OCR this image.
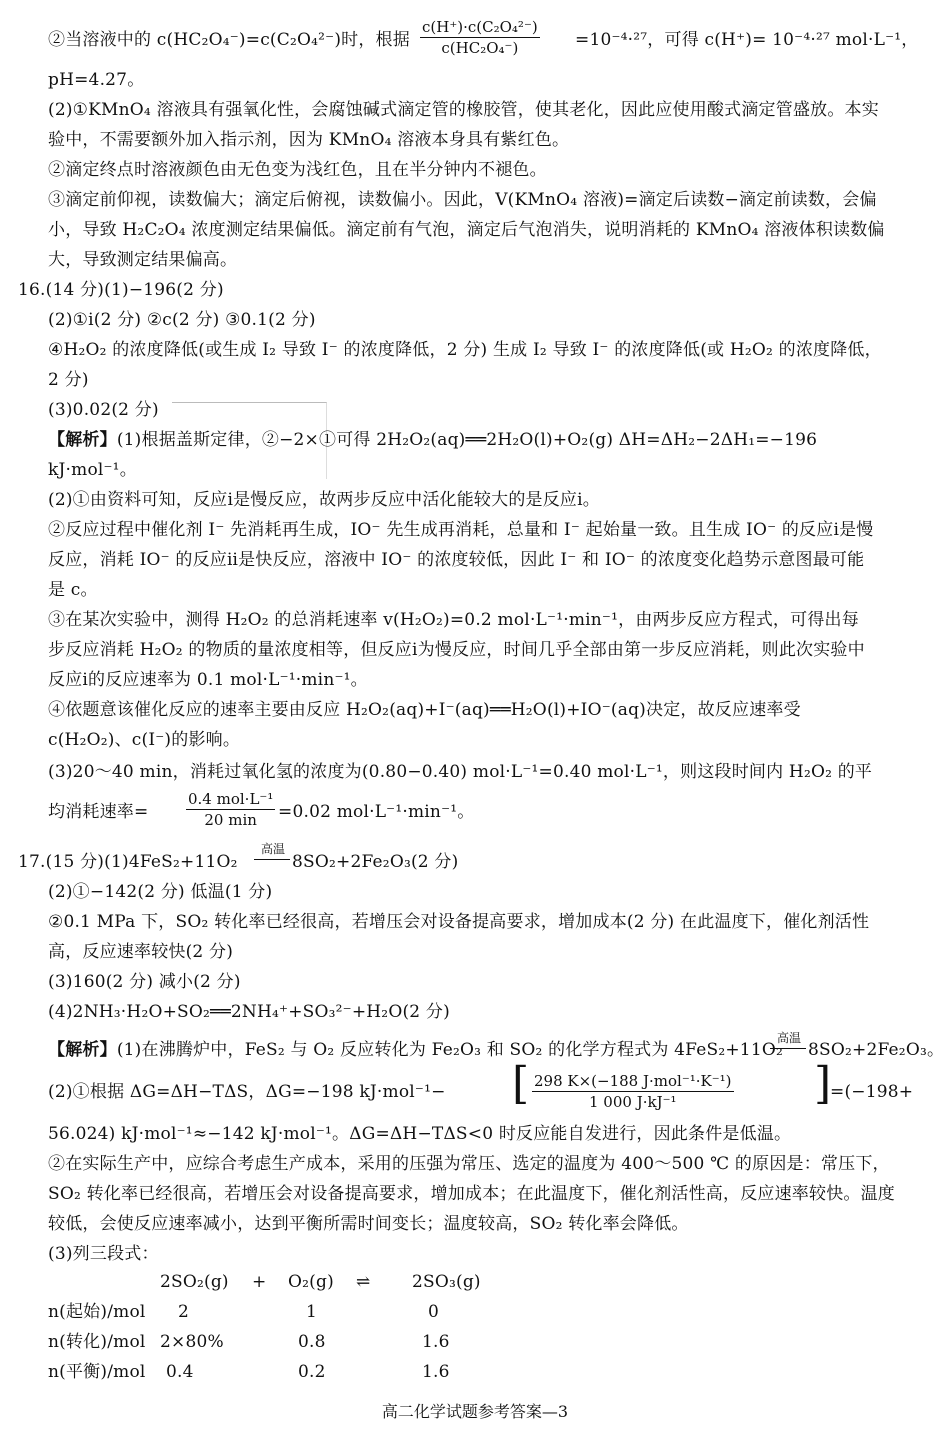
②当溶液中的 c(HC₂O₄⁻)=c(C₂O₄²⁻)时，根据 $\frac{\text{c(H⁺)·c(C₂O₄²⁻)}}{\text{c(HC₂O₄⁻)}} =10^{-4}\cdot^{27}$，可得 c(H⁺)= 10⁻⁴·²⁷ mol·L⁻¹，
pH=4.27。
(2)①KMnO₄ 溶液具有强氧化性，会腐蚀碱式滴定管的橡胶管，使其老化，因此应使用酸式滴定管盛放。本实
验中，不需要额外加入指示剂，因为 KMnO₄ 溶液本身具有紫红色。
②滴定终点时溶液颜色由无色变为浅红色，且在半分钟内不褪色。
③滴定前仰视，读数偏大；滴定后俯视，读数偏小。因此，V(KMnO₄ 溶液)=滴定后读数−滴定前读数，会偏
小，导致 H₂C₂O₄ 浓度测定结果偏低。滴定前有气泡，滴定后气泡消失，说明消耗的 KMnO₄ 溶液体积读数偏
大，导致测定结果偏高。
16.(14 分)(1)−196(2 分)
(2)①ⅰ(2 分) ②c(2 分) ③0.1(2 分)
④H₂O₂ 的浓度降低(或生成 I₂ 导致 I⁻ 的浓度降低，2 分) 生成 I₂ 导致 I⁻ 的浓度降低(或 H₂O₂ 的浓度降低，
2 分)
(3)0.02(2 分)
【解析】(1)根据盖斯定律，②−2×①可得 2H₂O₂(aq)══2H₂O(l)+O₂(g) ΔH=ΔH₂−2ΔH₁=−196
kJ·mol⁻¹。
(2)①由资料可知，反应ⅰ是慢反应，故两步反应中活化能较大的是反应ⅰ。
②反应过程中催化剂 I⁻ 先消耗再生成，IO⁻ 先生成再消耗，总量和 I⁻ 起始量一致。且生成 IO⁻ 的反应ⅰ是慢
反应，消耗 IO⁻ 的反应ⅱ是快反应，溶液中 IO⁻ 的浓度较低，因此 I⁻ 和 IO⁻ 的浓度变化趋势示意图最可能
是 c。
③在某次实验中，测得 H₂O₂ 的总消耗速率 v(H₂O₂)=0.2 mol·L⁻¹·min⁻¹，由两步反应方程式，可得出每
步反应消耗 H₂O₂ 的物质的量浓度相等，但反应ⅰ为慢反应，时间几乎全部由第一步反应消耗，则此次实验中
反应ⅰ的反应速率为 0.1 mol·L⁻¹·min⁻¹。
④依题意该催化反应的速率主要由反应 H₂O₂(aq)+I⁻(aq)══H₂O(l)+IO⁻(aq)决定，故反应速率受
c(H₂O₂)、c(I⁻)的影响。
(3)20～40 min，消耗过氧化氢的浓度为(0.80−0.40) mol·L⁻¹=0.40 mol·L⁻¹，则这段时间内 H₂O₂ 的平
均消耗速率=
0.4 mol·L⁻¹
20 min	=0.02 mol·L⁻¹·min⁻¹。
高温
17.(15 分)(1)4FeS₂+11O₂	8SO₂+2Fe₂O₃(2 分)
(2)①−142(2 分) 低温(1 分)
②0.1 MPa 下，SO₂ 转化率已经很高，若增压会对设备提高要求，增加成本(2 分) 在此温度下，催化剂活性
高，反应速率较快(2 分)
(3)160(2 分) 减小(2 分)
(4)2NH₃·H₂O+SO₂══2NH₄⁺+SO₃²⁻+H₂O(2 分)
高温
【解析】(1)在沸腾炉中，FeS₂ 与 O₂ 反应转化为 Fe₂O₃ 和 SO₂ 的化学方程式为 4FeS₂+11O₂ 8SO₂+2Fe₂O₃。
(2)①根据 ΔG=ΔH−TΔS，ΔG=−198 kJ·mol⁻¹− [ 298 K×(−188 J·mol⁻¹·K⁻¹)
1 000 J·kJ⁻¹	]
=(−198+
56.024) kJ·mol⁻¹≈−142 kJ·mol⁻¹。ΔG=ΔH−TΔS<0 时反应能自发进行，因此条件是低温。
②在实际生产中，应综合考虑生产成本，采用的压强为常压、选定的温度为 400～500 ℃ 的原因是：常压下，
SO₂ 转化率已经很高，若增压会对设备提高要求，增加成本；在此温度下，催化剂活性高，反应速率较快。温度
较低，会使反应速率减小，达到平衡所需时间变长；温度较高，SO₂ 转化率会降低。
(3)列三段式：
2SO₂(g) + O₂(g) ⇌ 2SO₃(g)
n(起始)/mol 2	1	0
n(转化)/mol 2×80%	0.8	1.6
n(平衡)/mol 0.4	0.2	1.6
高二化学试题参考答案—3
